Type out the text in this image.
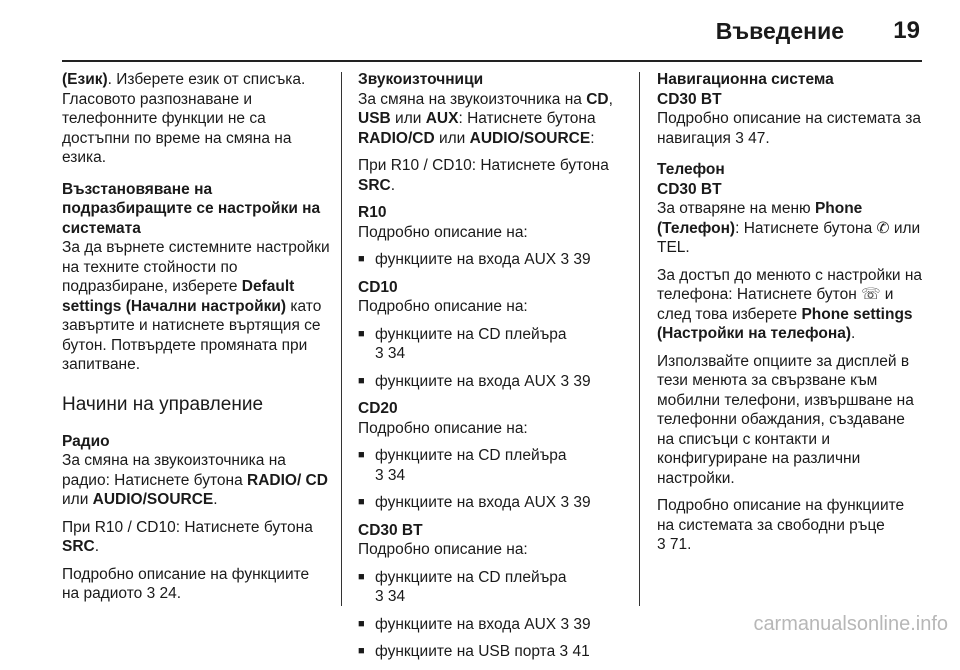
Въведение 19

(Език). Изберете език от списъка. Гласовото разпознаване и телефонните функции не са достъпни по време на смяна на езика.

Възстановяване на подразбиращите се настройки на системата

За да върнете системните настройки на техните стойности по подразбиране, изберете Default settings (Начални настройки) като завъртите и натиснете въртящия се бутон. Потвърдете промяната при запитване.

Начини на управление

Радио

За смяна на звукоизточника на радио: Натиснете бутона RADIO/ CD или AUDIO/SOURCE.

При R10 / CD10: Натиснете бутона SRC.

Подробно описание на функциите на радиото 3 24.

Звукоизточници

За смяна на звукоизточника на CD, USB или AUX: Натиснете бутона RADIO/CD или AUDIO/SOURCE:

При R10 / CD10: Натиснете бутона SRC.

R10

Подробно описание на:

■ функциите на входа AUX 3 39

CD10

Подробно описание на:

■ функциите на CD плейъра
3 34
■ функциите на входа AUX 3 39

CD20

Подробно описание на:

■ функциите на CD плейъра
3 34
■ функциите на входа AUX 3 39

CD30 BT

Подробно описание на:

■ функциите на CD плейъра
3 34
■ функциите на входа AUX 3 39
■ функциите на USB порта 3 41

Навигационна система

CD30 BT

Подробно описание на системата за навигация 3 47.

Телефон

CD30 BT

За отваряне на меню Phone (Телефон): Натиснете бутона ✆ или TEL.

За достъп до менюто с настройки на телефона: Натиснете бутон ☏ и след това изберете Phone settings (Настройки на телефона).

Използвайте опциите за дисплей в тези менюта за свързване към мобилни телефони, извършване на телефонни обаждания, създаване на списъци с контакти и конфигуриране на различни настройки.

Подробно описание на функциите на системата за свободни ръце
3 71.

carmanualsonline.info
